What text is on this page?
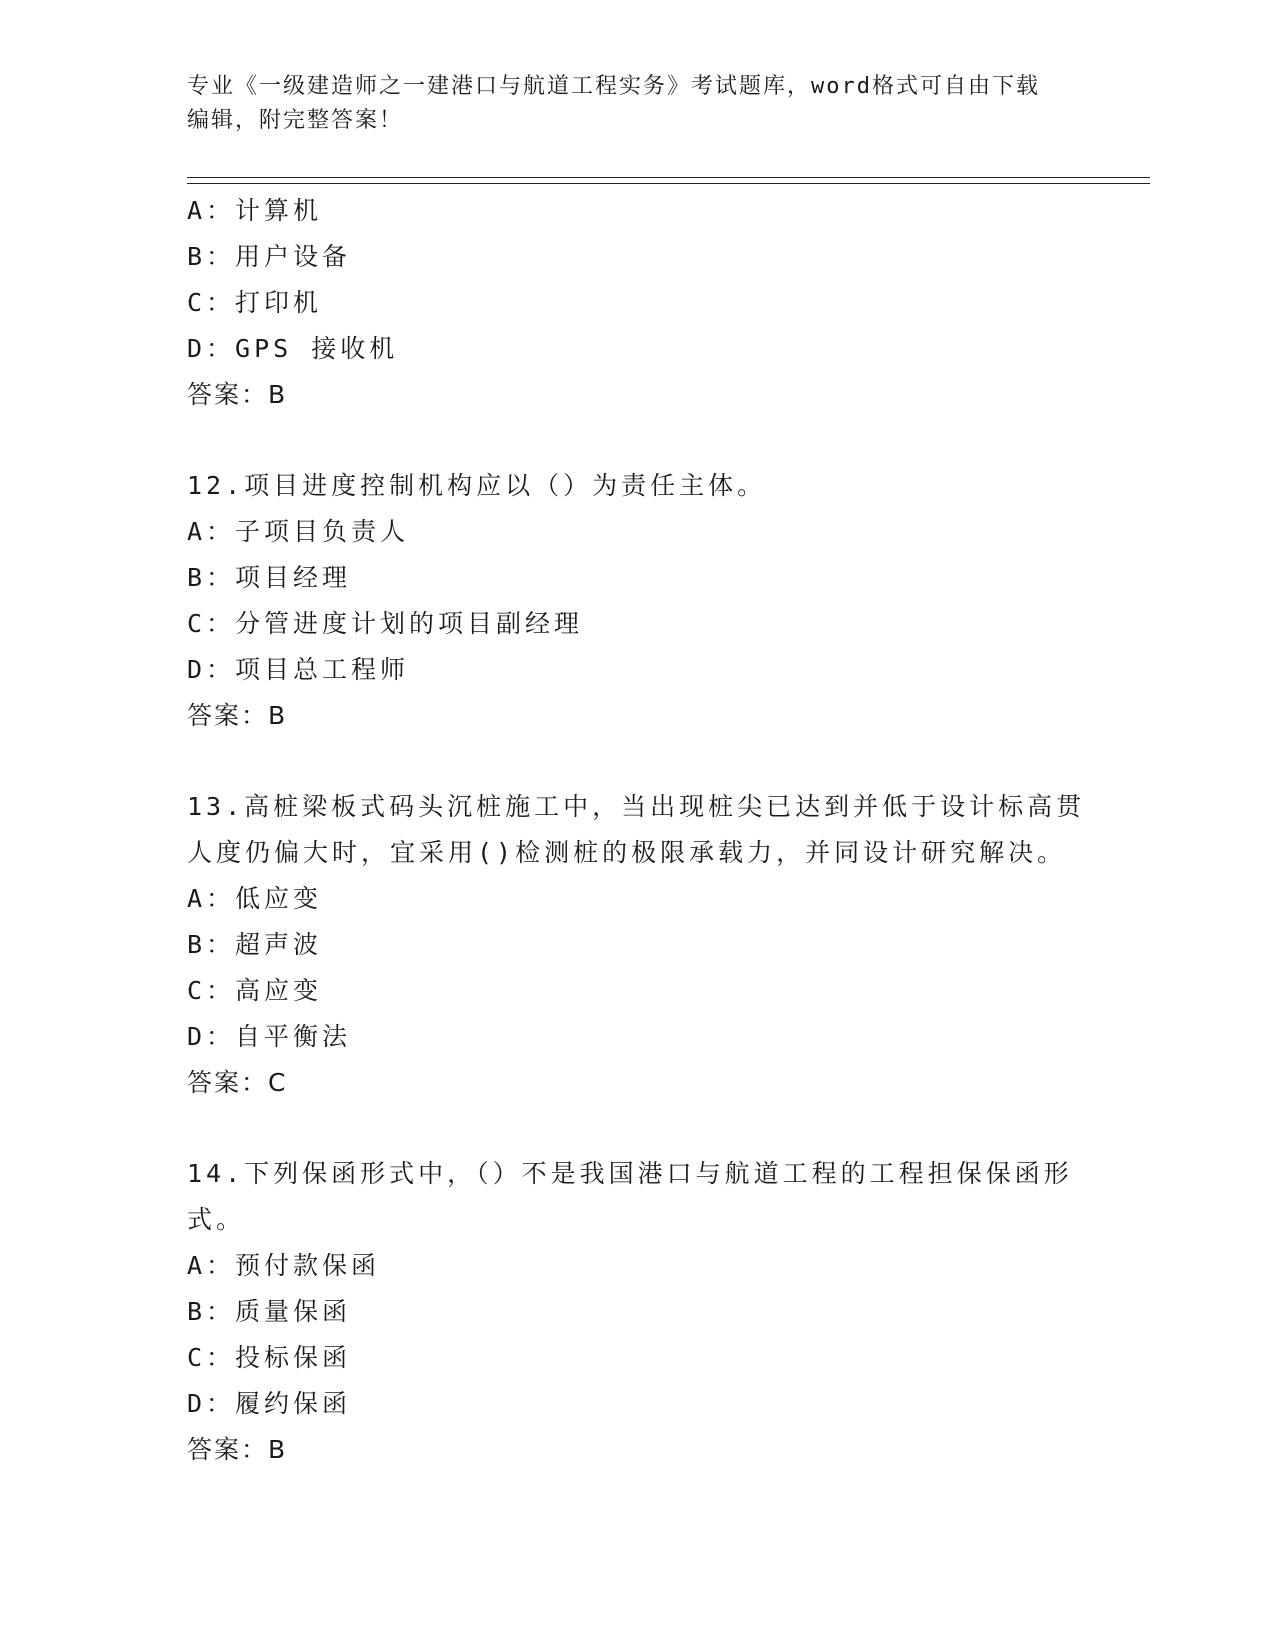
专业《一级建造师之一建港口与航道工程实务》考试题库，word格式可自由下载
编辑，附完整答案！
A：计算机
B：用户设备
C：打印机
D：GPS 接收机
答案：B
12.项目进度控制机构应以（）为责任主体。
A：子项目负责人
B：项目经理
C：分管进度计划的项目副经理
D：项目总工程师
答案：B
13.高桩梁板式码头沉桩施工中，当出现桩尖已达到并低于设计标高贯
人度仍偏大时，宜采用()检测桩的极限承载力，并同设计研究解决。
A：低应变
B：超声波
C：高应变
D：自平衡法
答案：C
14.下列保函形式中，（）不是我国港口与航道工程的工程担保保函形
式。
A：预付款保函
B：质量保函
C：投标保函
D：履约保函
答案：B
